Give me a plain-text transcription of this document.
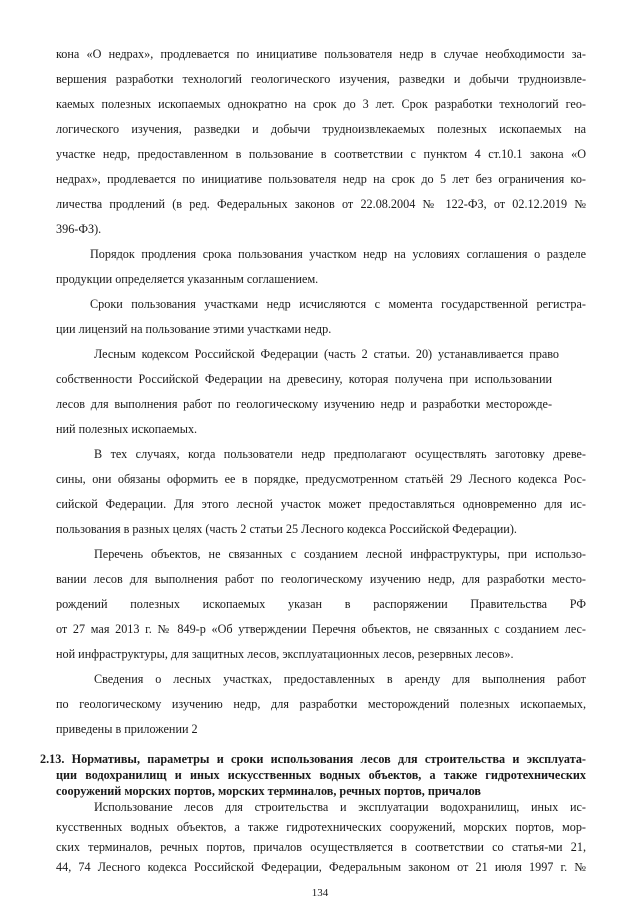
кона «О недрах», продлевается по инициативе пользователя недр в случае необходимости за-
вершения разработки технологий геологического изучения, разведки и добычи трудноизвле-
каемых полезных ископаемых однократно на срок до 3 лет. Срок разработки технологий гео-
логического изучения, разведки и добычи трудноизвлекаемых полезных ископаемых на
участке недр, предоставленном в пользование в соответствии с пунктом 4 ст.10.1 закона «О
недрах», продлевается по инициативе пользователя недр на срок до 5 лет без ограничения ко-
личества продлений (в ред. Федеральных законов от 22.08.2004 № 122-ФЗ, от 02.12.2019 №
396-ФЗ).
Порядок продления срока пользования участком недр на условиях соглашения о разделе
продукции определяется указанным соглашением.
Сроки пользования участками недр исчисляются с момента государственной регистра-
ции лицензий на пользование этими участками недр.
Лесным кодексом Российской Федерации (часть 2 статьи. 20) устанавливается право
собственности Российской Федерации на древесину, которая получена при использовании
лесов для выполнения работ по геологическому изучению недр и разработки месторожде-
ний полезных ископаемых.
В тех случаях, когда пользователи недр предполагают осуществлять заготовку древе-
сины, они обязаны оформить ее в порядке, предусмотренном статьёй 29 Лесного кодекса Рос-
сийской Федерации. Для этого лесной участок может предоставляться одновременно для ис-
пользования в разных целях (часть 2 статьи 25 Лесного кодекса Российской Федерации).
Перечень объектов, не связанных с созданием лесной инфраструктуры, при использо-
вании лесов для выполнения работ по геологическому изучению недр, для разработки место-
рождений полезных ископаемых указан в распоряжении Правительства РФ
от 27 мая 2013 г. № 849-р «Об утверждении Перечня объектов, не связанных с созданием лес-
ной инфраструктуры, для защитных лесов, эксплуатационных лесов, резервных лесов».
Сведения о лесных участках, предоставленных в аренду для выполнения работ
по геологическому изучению недр, для разработки месторождений полезных ископаемых,
приведены в приложении 2
2.13. Нормативы, параметры и сроки использования лесов для строительства и эксплуата-
ции водохранилищ и иных искусственных водных объектов, а также гидротехнических
сооружений морских портов, морских терминалов, речных портов, причалов
Использование лесов для строительства и эксплуатации водохранилищ, иных ис-
кусственных водных объектов, а также гидротехнических сооружений, морских портов, мор-
ских терминалов, речных портов, причалов осуществляется в соответствии со статья-ми 21,
44, 74 Лесного кодекса Российской Федерации, Федеральным законом от 21 июля 1997 г. №
134
